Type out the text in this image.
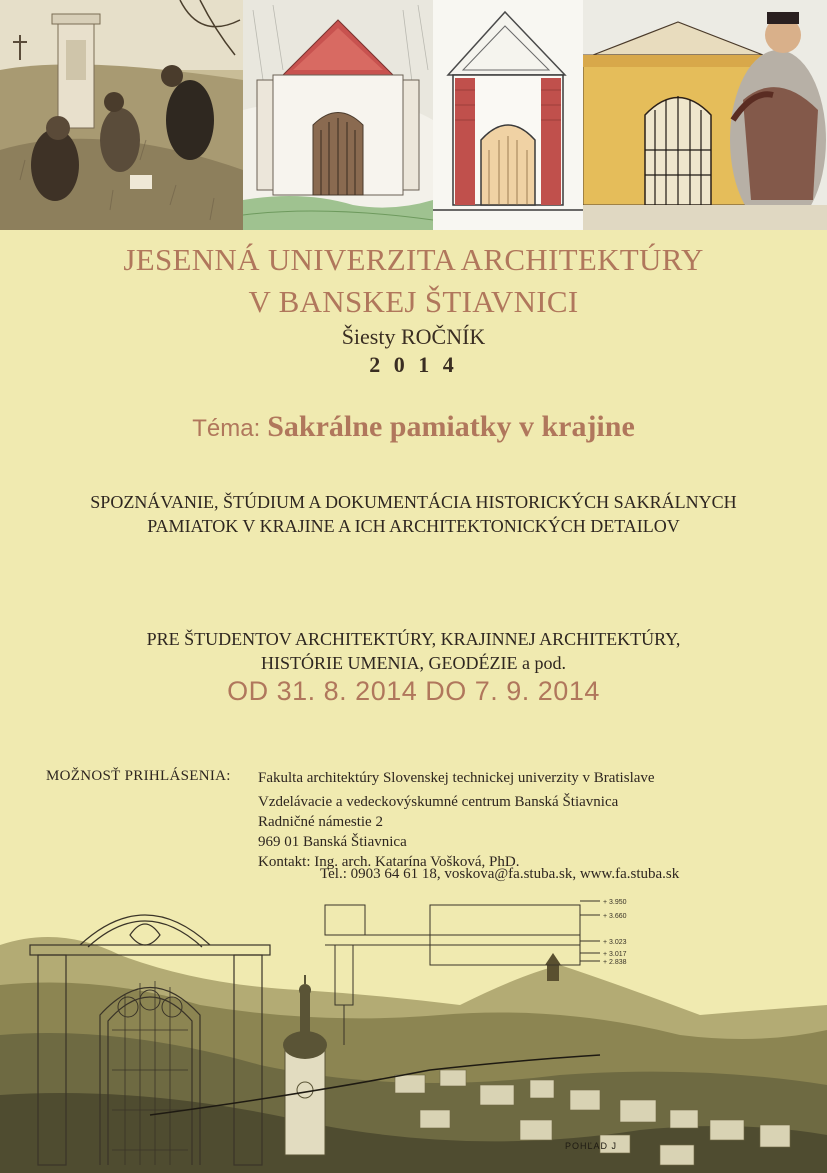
JESENNÁ UNIVERZITA ARCHITEKTÚRY
V BANSKEJ ŠTIAVNICI
Šiesty ROČNÍK
2 0 1 4
Téma: Sakrálne pamiatky v krajine
SPOZNÁVANIE, ŠTÚDIUM A DOKUMENTÁCIA HISTORICKÝCH SAKRÁLNYCH
PAMIATOK V KRAJINE A ICH ARCHITEKTONICKÝCH DETAILOV
PRE ŠTUDENTOV ARCHITEKTÚRY, KRAJINNEJ ARCHITEKTÚRY,
HISTÓRIE UMENIA, GEODÉZIE a pod.
OD 31. 8. 2014 DO 7. 9. 2014
MOŽNOSŤ PRIHLÁSENIA: Fakulta architektúry Slovenskej technickej univerzity v Bratislave
Vzdelávacie a vedeckovýskumné centrum Banská Štiavnica
Radničné námestie 2
969 01 Banská Štiavnica
Kontakt: Ing. arch. Katarína Vošková, PhD.
Tel.: 0903 64 61 18, voskova@fa.stuba.sk, www.fa.stuba.sk
+ 3.950
+ 3.660
+ 3.023
+ 3.017
+ 2.838
POHĽAD J
